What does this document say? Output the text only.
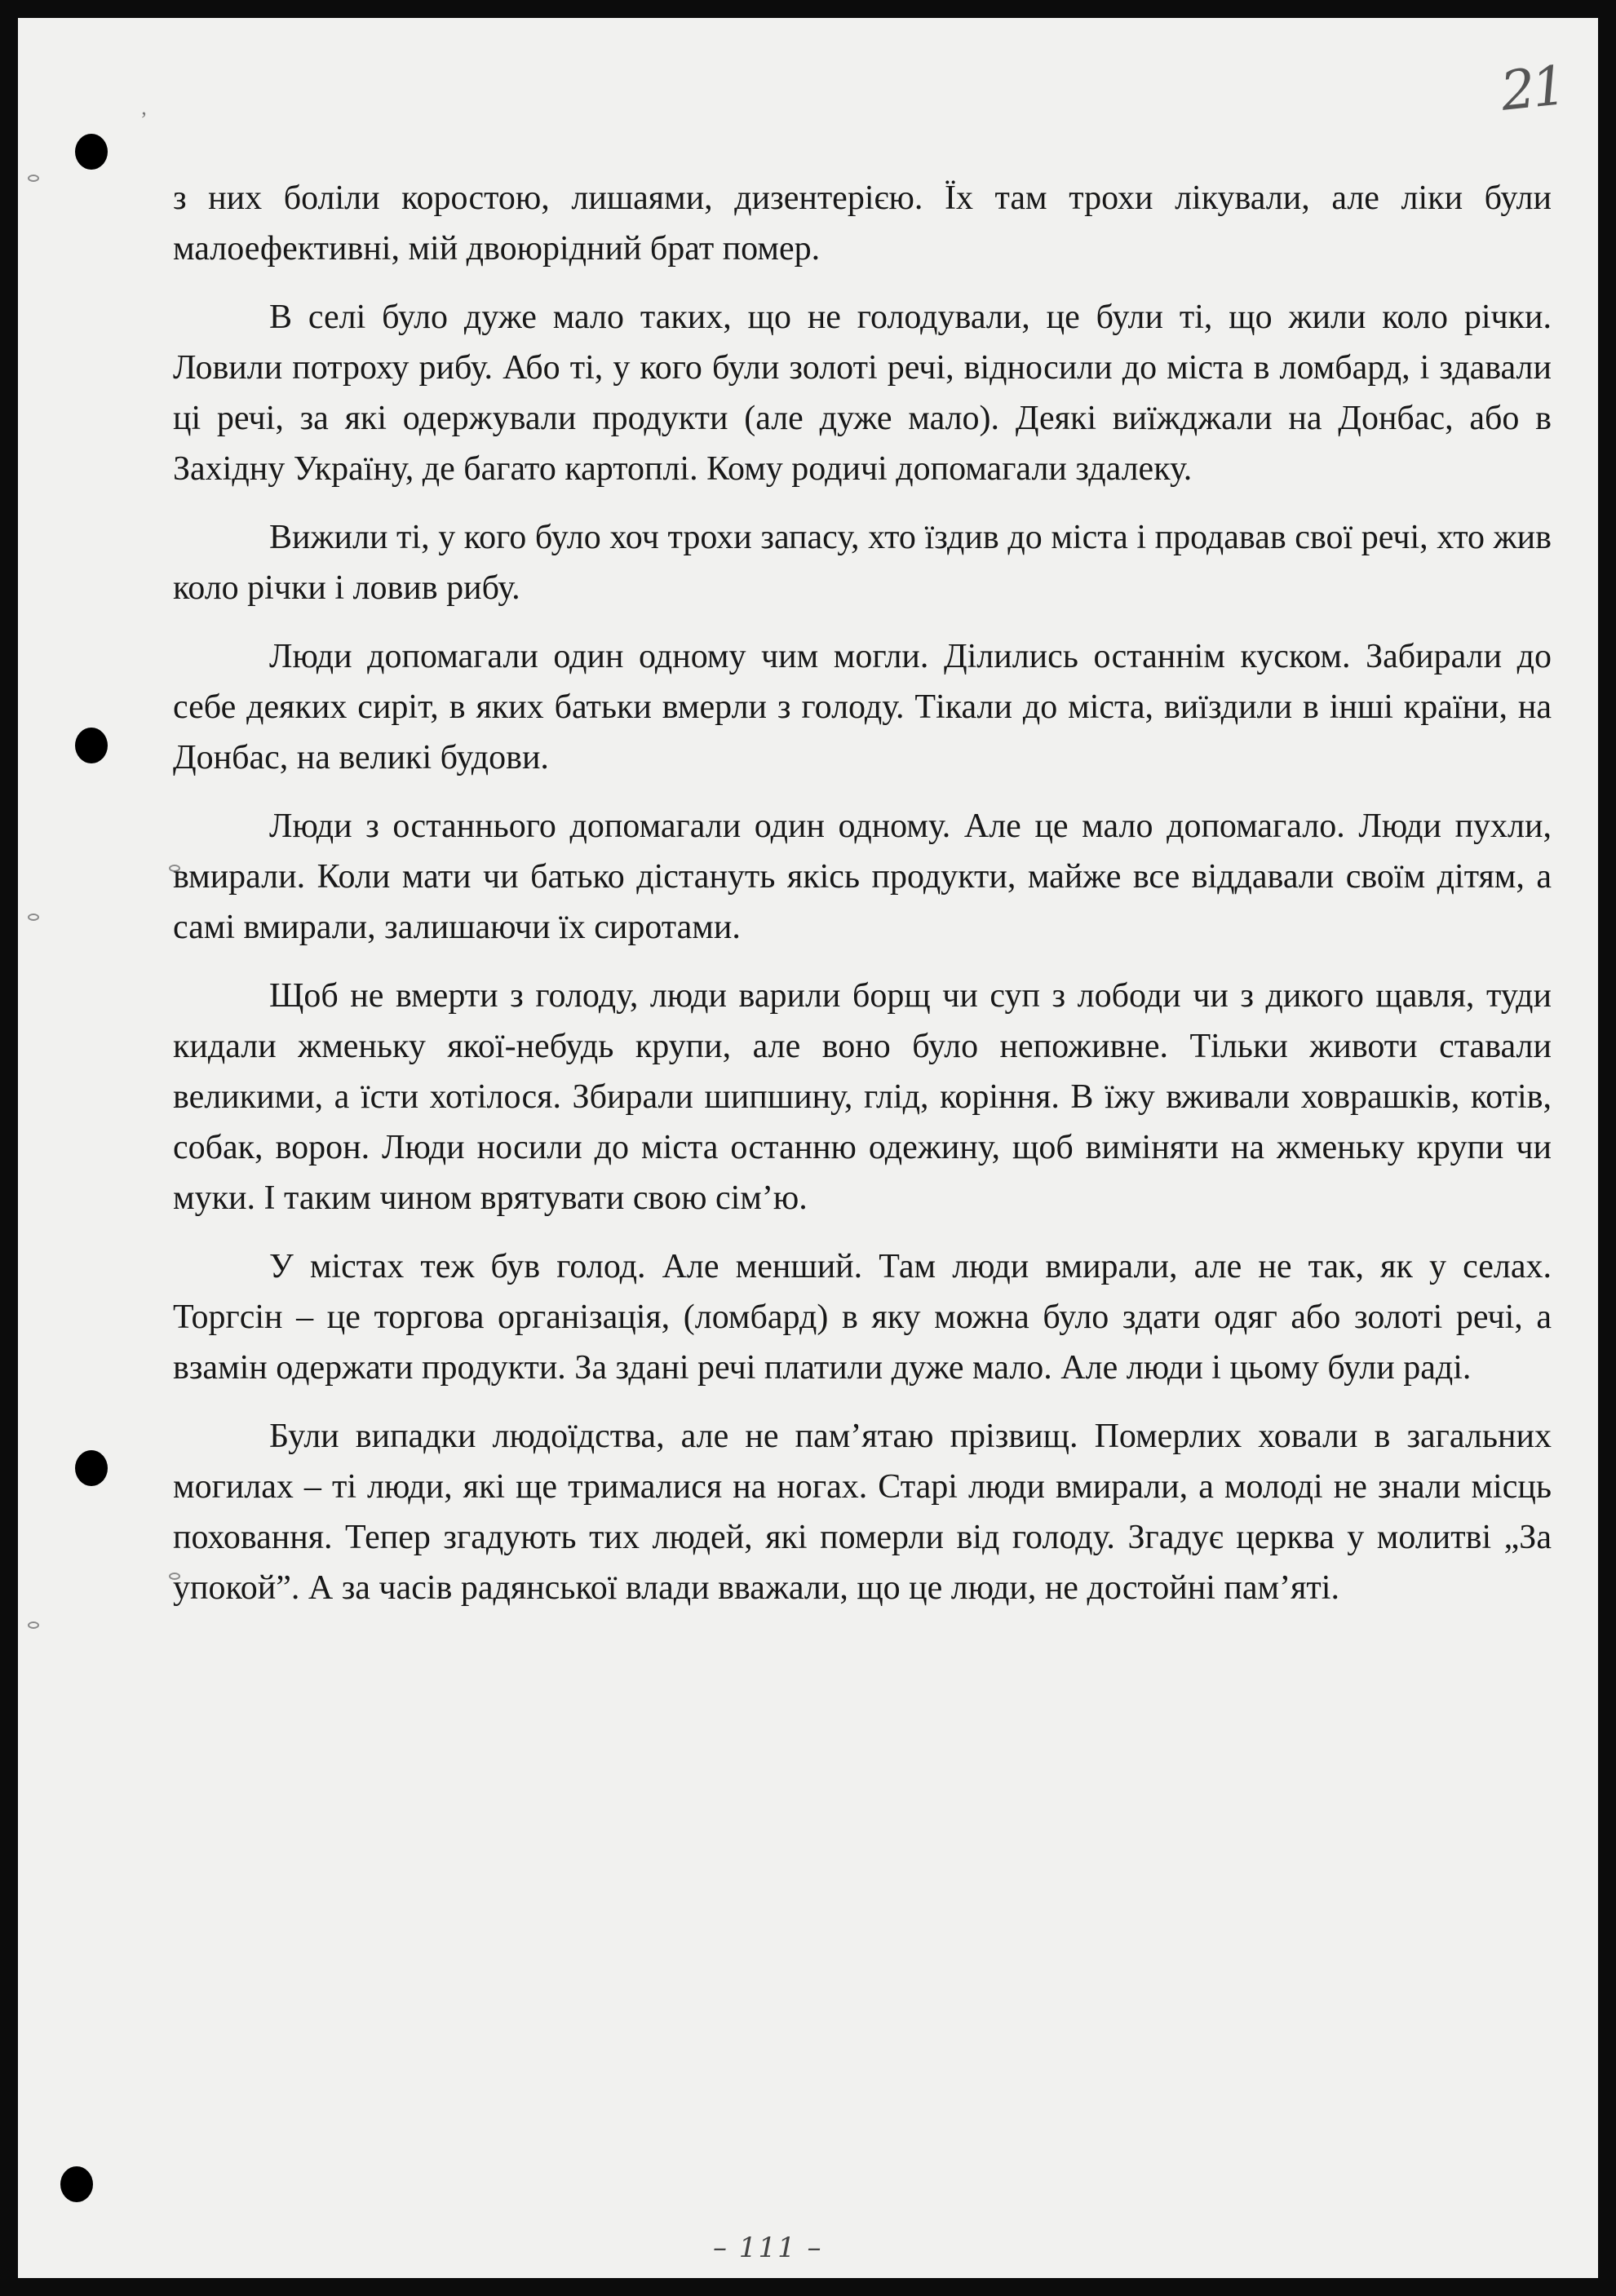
21
’

з них боліли коростою, лишаями, дизентерією. Їх там трохи лікували, але ліки були малоефективні, мій двоюрідний брат помер.

В селі було дуже мало таких, що не голодували, це були ті, що жили коло річки. Ловили потроху рибу. Або ті, у кого були золоті речі, відносили до міста в ломбард, і здавали ці речі, за які одержували продукти (але дуже мало). Деякі виїжджали на Донбас, або в Західну Україну, де багато картоплі. Кому родичі допомагали здалеку.

Вижили ті, у кого було хоч трохи запасу, хто їздив до міста і продавав свої речі, хто жив коло річки і ловив рибу.

Люди допомагали один одному чим могли. Ділились останнім куском. Забирали до себе деяких сиріт, в яких батьки вмерли з голоду. Тікали до міста, виїздили в інші країни, на Донбас, на великі будови.

Люди з останнього допомагали один одному. Але це мало допомагало. Люди пухли, вмирали. Коли мати чи батько дістануть якісь продукти, майже все віддавали своїм дітям, а самі вмирали, залишаючи їх сиротами.

Щоб не вмерти з голоду, люди варили борщ чи суп з лободи чи з дикого щавля, туди кидали жменьку якої-небудь крупи, але воно було непоживне. Тільки животи ставали великими, а їсти хотілося. Збирали шипшину, глід, коріння. В їжу вживали ховрашків, котів, собак, ворон. Люди носили до міста останню одежину, щоб виміняти на жменьку крупи чи муки. І таким чином врятувати свою сім’ю.

У містах теж був голод. Але менший. Там люди вмирали, але не так, як у селах. Торгсін – це торгова організація, (ломбард) в яку можна було здати одяг або золоті речі, а взамін одержати продукти. За здані речі платили дуже мало. Але люди і цьому були раді.

Були випадки людоїдства, але не пам’ятаю прізвищ. Померлих ховали в загальних могилах – ті люди, які ще трималися на ногах. Старі люди вмирали, а молоді не знали місць поховання. Тепер згадують тих людей, які померли від голоду. Згадує церква у молитві „За упокой”. А за часів радянської влади вважали, що це люди, не достойні пам’яті.

– 111 –
